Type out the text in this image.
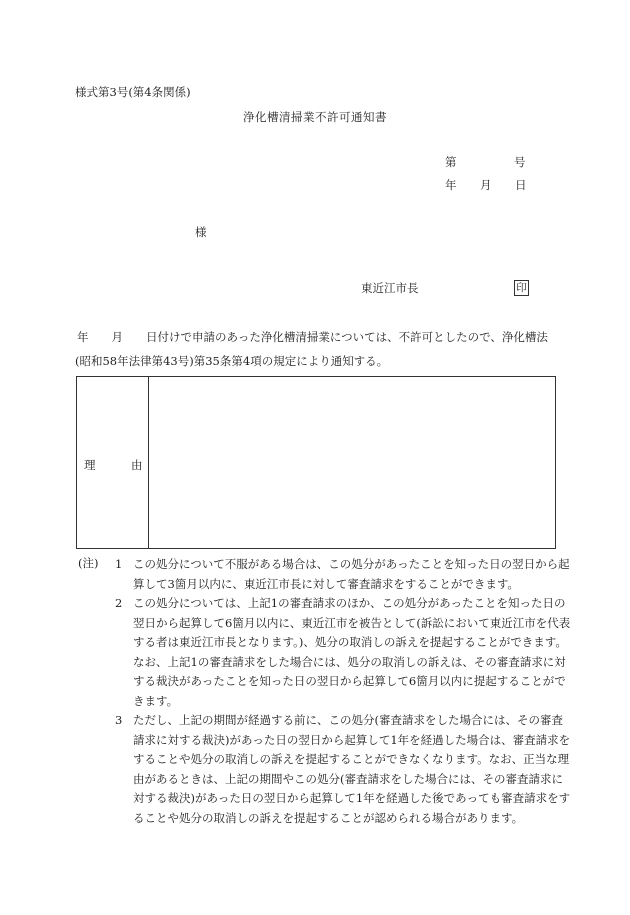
様式第3号(第4条関係)
浄化槽清掃業不許可通知書
第	号
年 月 日
様
東近江市長	印
年　　月　　日付けで申請のあった浄化槽清掃業については、不許可としたので、浄化槽法(昭和58年法律第43号)第35条第4項の規定により通知する。
理	由
(注) 1 この処分について不服がある場合は、この処分があったことを知った日の翌日から起算して3箇月以内に、東近江市長に対して審査請求をすることができます。
2 この処分については、上記1の審査請求のほか、この処分があったことを知った日の翌日から起算して6箇月以内に、東近江市を被告として(訴訟において東近江市を代表する者は東近江市長となります。)、処分の取消しの訴えを提起することができます。なお、上記1の審査請求をした場合には、処分の取消しの訴えは、その審査請求に対する裁決があったことを知った日の翌日から起算して6箇月以内に提起することができます。
3 ただし、上記の期間が経過する前に、この処分(審査請求をした場合には、その審査請求に対する裁決)があった日の翌日から起算して1年を経過した場合は、審査請求をすることや処分の取消しの訴えを提起することができなくなります。なお、正当な理由があるときは、上記の期間やこの処分(審査請求をした場合には、その審査請求に対する裁決)があった日の翌日から起算して1年を経過した後であっても審査請求をすることや処分の取消しの訴えを提起することが認められる場合があります。
